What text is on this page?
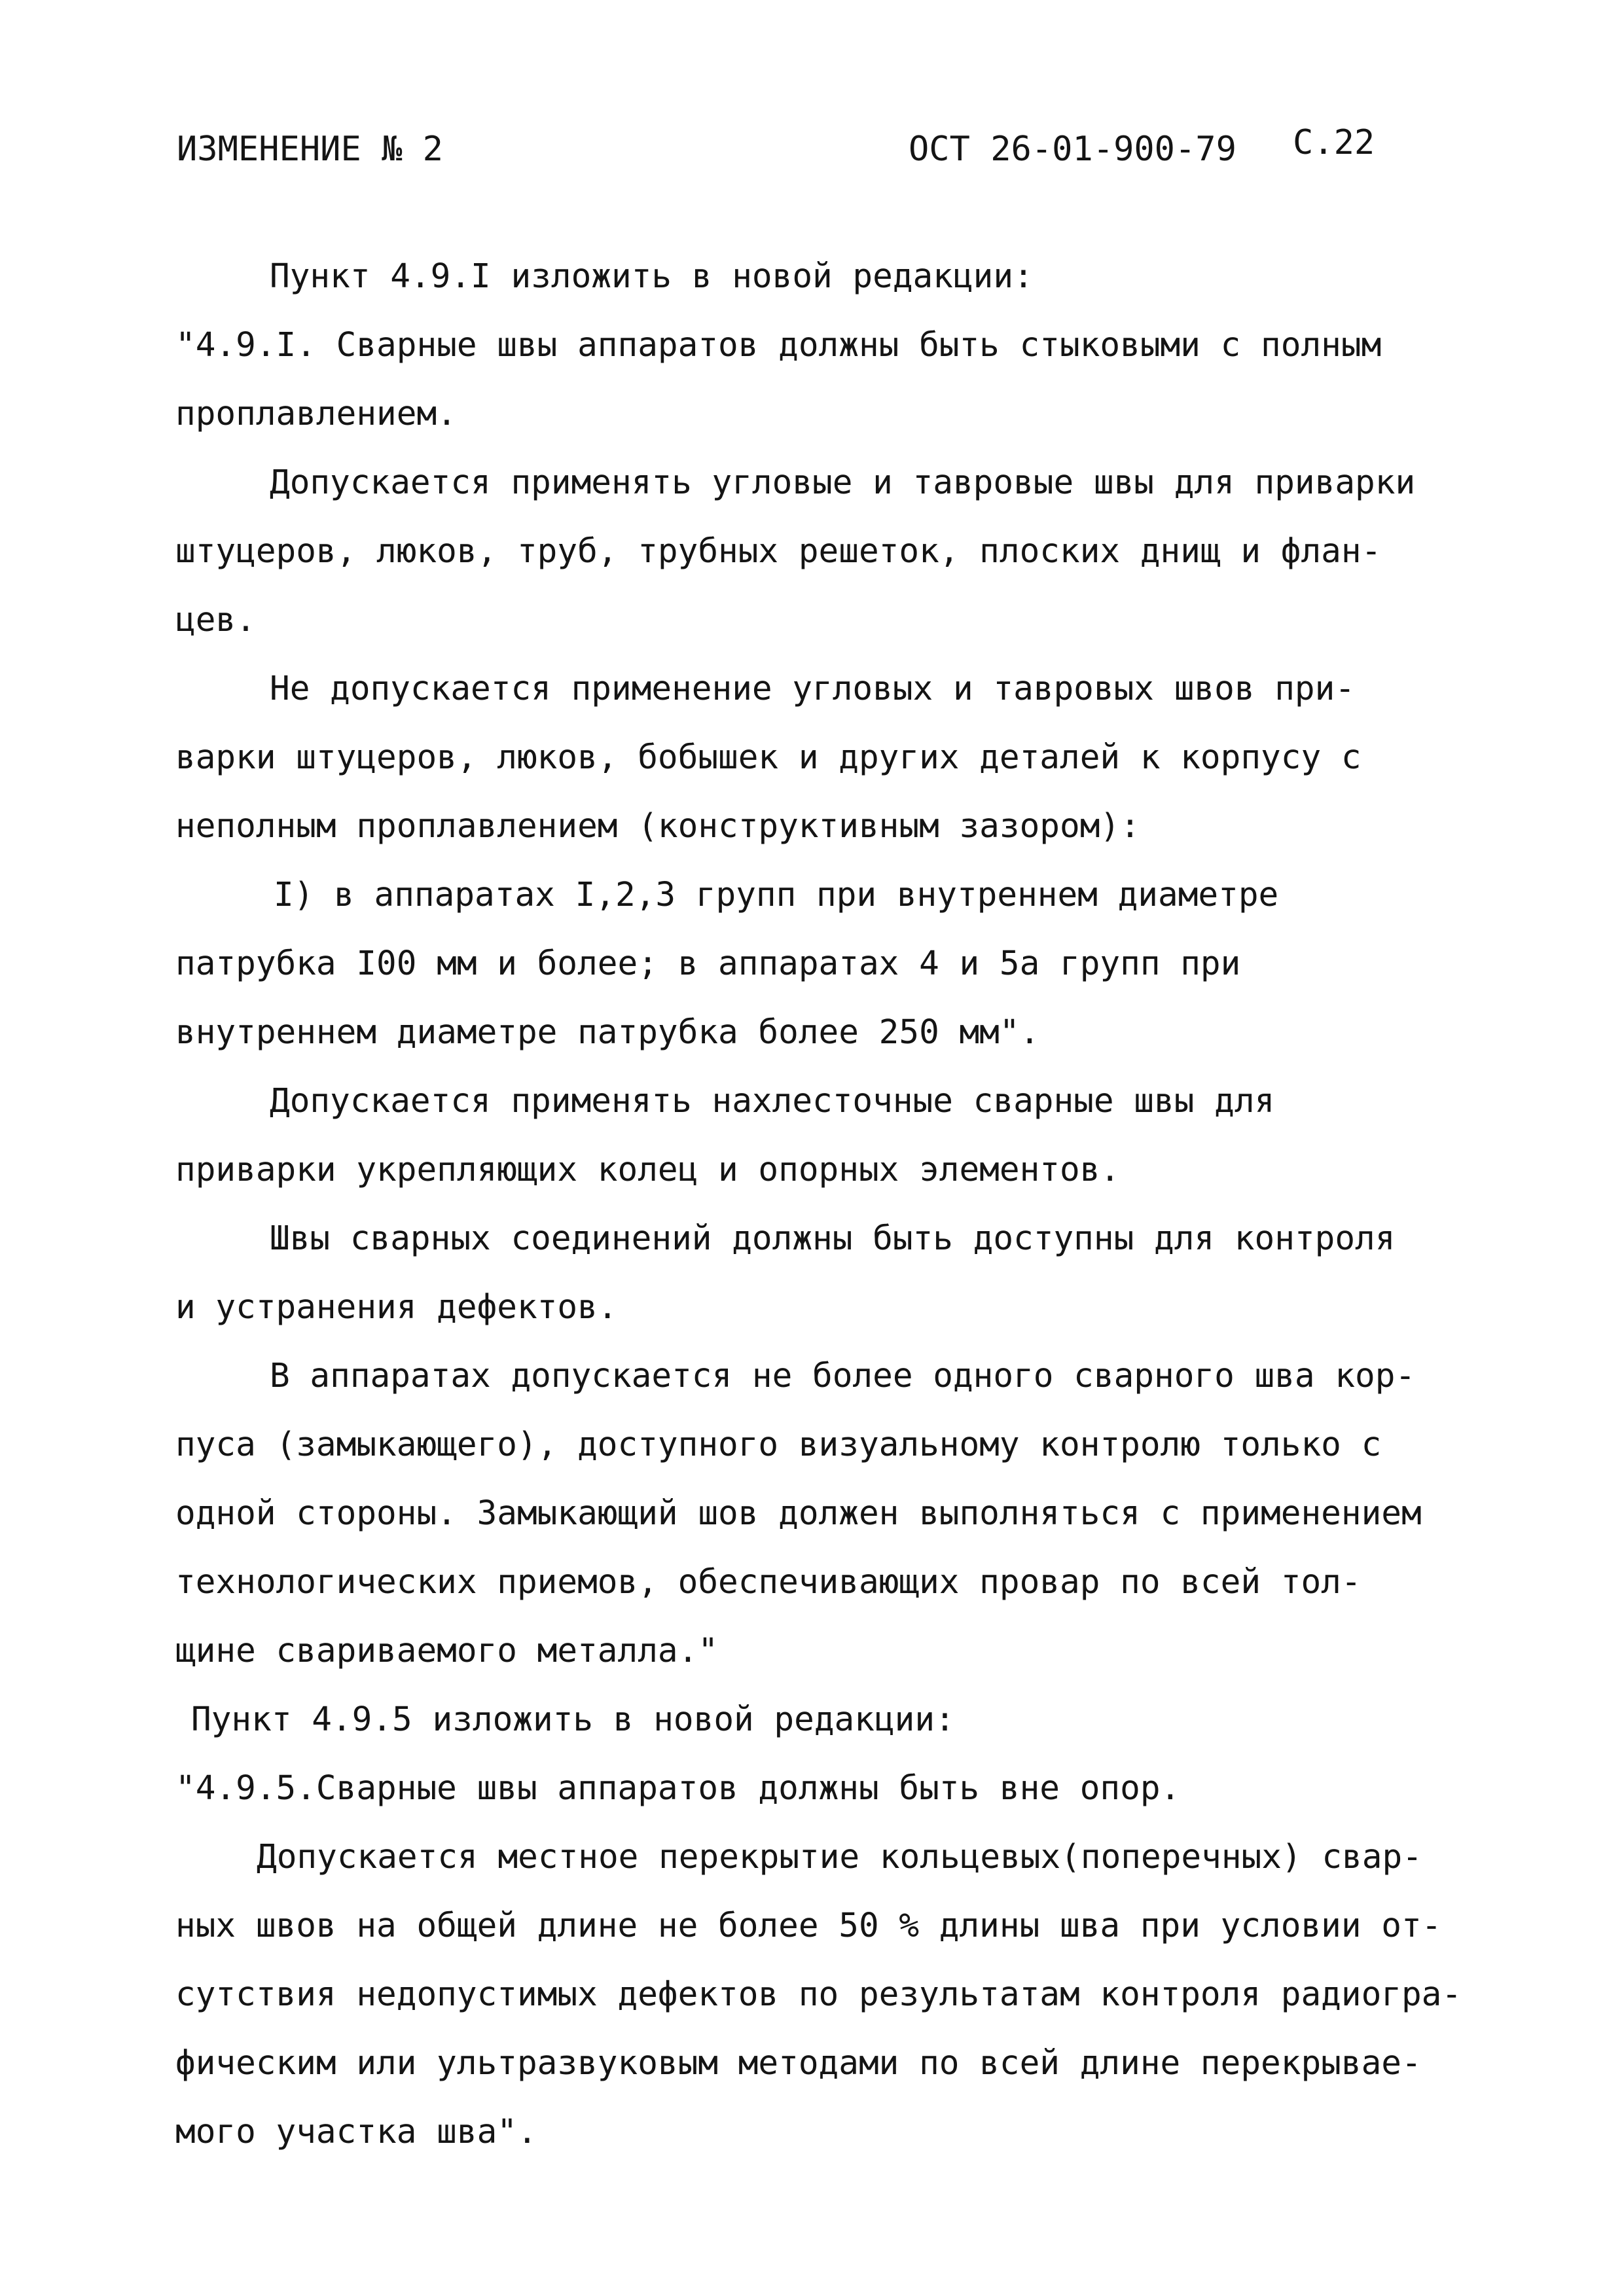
ИЗМЕНЕНИЕ № 2	ОСТ 26-01-900-79 С.22
Пункт 4.9.I изложить в новой редакции:
"4.9.I. Сварные швы аппаратов должны быть стыковыми с полным
проплавлением.
Допускается применять угловые и тавровые швы для приварки
штуцеров, люков, труб, трубных решеток, плоских днищ и флан-
цев.
Не допускается применение угловых и тавровых швов при-
варки штуцеров, люков, бобышек и других деталей к корпусу с
неполным проплавлением (конструктивным зазором):
I) в аппаратах I,2,3 групп при внутреннем диаметре
патрубка I00 мм и более; в аппаратах 4 и 5а групп при
внутреннем диаметре патрубка более 250 мм".
Допускается применять нахлесточные сварные швы для
приварки укрепляющих колец и опорных элементов.
Швы сварных соединений должны быть доступны для контроля
и устранения дефектов.
В аппаратах допускается не более одного сварного шва кор-
пуса (замыкающего), доступного визуальному контролю только с
одной стороны. Замыкающий шов должен выполняться с применением
технологических приемов, обеспечивающих провар по всей тол-
щине свариваемого металла."
Пункт 4.9.5 изложить в новой редакции:
"4.9.5.Сварные швы аппаратов должны быть вне опор.
Допускается местное перекрытие кольцевых(поперечных) свар-
ных швов на общей длине не более 50 % длины шва при условии от-
сутствия недопустимых дефектов по результатам контроля радиогра-
фическим или ультразвуковым методами по всей длине перекрывае-
мого участка шва".
